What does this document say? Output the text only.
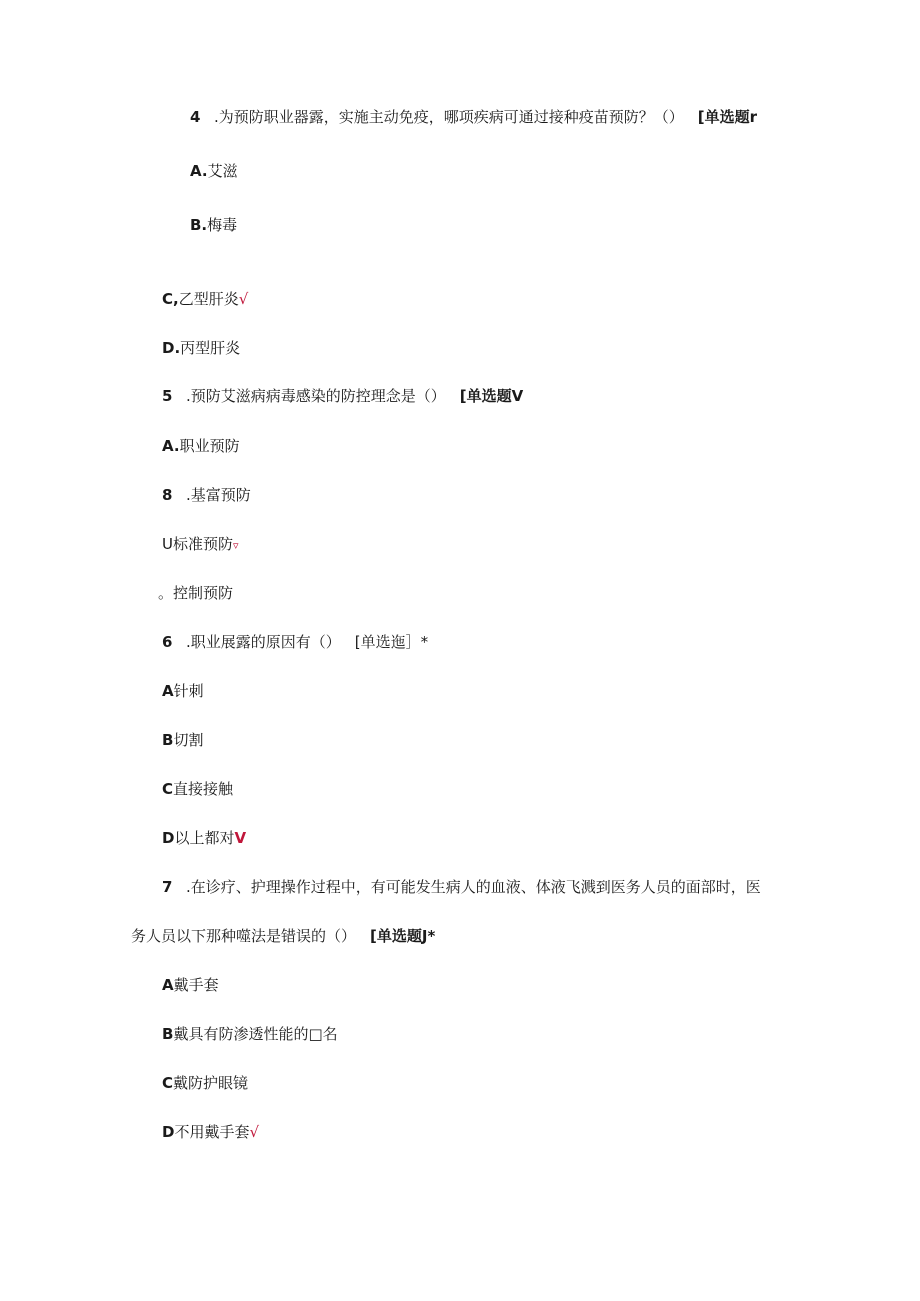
4 .为预防职业器露，实施主动免疫，哪项疾病可通过接种疫苗预防？（） [单选题r
A.艾滋
B.梅毒
C,乙型肝炎√
D.丙型肝炎
5 .预防艾滋病病毒感染的防控理念是（） [单选题V
A.职业预防
8 .基富预防
U标准预防▿
。控制预防
6 .职业展露的原因有（） [单选迤］*
A针刺
B切割
C直接接触
D以上都对V
7 .在诊疗、护理操作过程中，有可能发生病人的血液、体液飞溅到医务人员的面部时，医
务人员以下那种噬法是错误的（） [单选题J*
A戴手套
B戴具有防渗透性能的□名
C戴防护眼镜
D不用戴手套√
